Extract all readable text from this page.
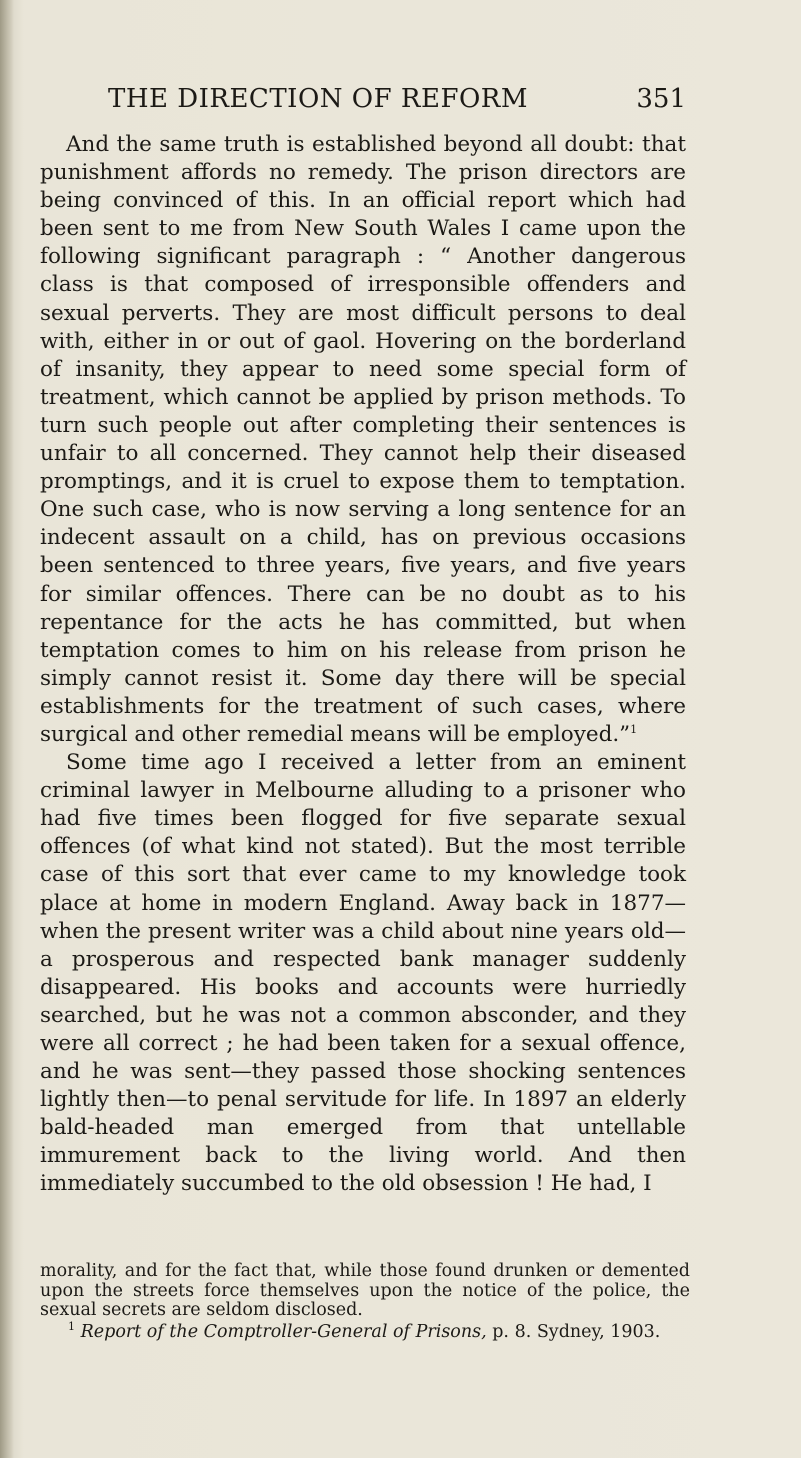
THE DIRECTION OF REFORM	351

And the same truth is established beyond all doubt: that punishment affords no remedy. The prison directors are being convinced of this. In an official report which had been sent to me from New South Wales I came upon the following significant paragraph : “ Another dangerous class is that composed of irresponsible offenders and sexual perverts. They are most difficult persons to deal with, either in or out of gaol. Hovering on the borderland of insanity, they appear to need some special form of treatment, which cannot be applied by prison methods. To turn such people out after completing their sentences is unfair to all concerned. They cannot help their diseased promptings, and it is cruel to expose them to temptation. One such case, who is now serving a long sentence for an indecent assault on a child, has on previous occasions been sentenced to three years, five years, and five years for similar offences. There can be no doubt as to his repentance for the acts he has committed, but when temptation comes to him on his release from prison he simply cannot resist it. Some day there will be special establishments for the treatment of such cases, where surgical and other remedial means will be employed.”$^1$

Some time ago I received a letter from an eminent criminal lawyer in Melbourne alluding to a prisoner who had five times been flogged for five separate sexual offences (of what kind not stated). But the most terrible case of this sort that ever came to my knowledge took place at home in modern England. Away back in 1877—when the present writer was a child about nine years old— a prosperous and respected bank manager suddenly disappeared. His books and accounts were hurriedly searched, but he was not a common absconder, and they were all correct ; he had been taken for a sexual offence, and he was sent—they passed those shocking sentences lightly then—to penal servitude for life. In 1897 an elderly bald-headed man emerged from that untellable immurement back to the living world. And then immediately succumbed to the old obsession ! He had, I

morality, and for the fact that, while those found drunken or demented upon the streets force themselves upon the notice of the police, the sexual secrets are seldom disclosed.

$^1$ Report of the Comptroller-General of Prisons, p. 8. Sydney, 1903.
